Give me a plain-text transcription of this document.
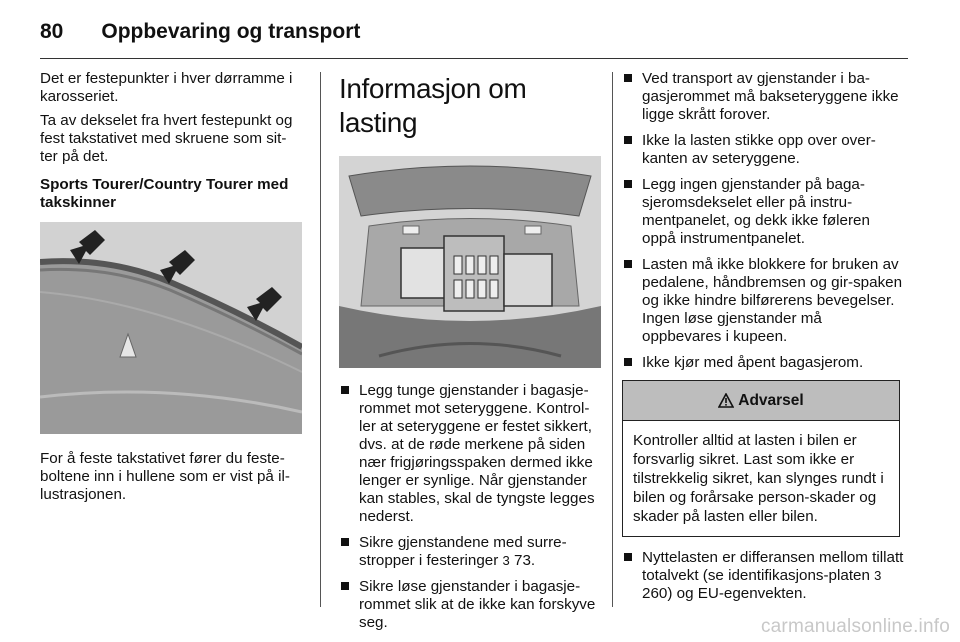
80 Oppbevaring og transport

Det er festepunkter i hver dørramme i karosseriet.

Ta av dekselet fra hvert festepunkt og fest takstativet med skruene som sit-ter på det.

Sports Tourer/Country Tourer med takskinner

For å feste takstativet fører du feste-boltene inn i hullene som er vist på il-lustrasjonen.

Informasjon om lasting
Legg tunge gjenstander i bagasje-rommet mot seteryggene. Kontrol-ler at seteryggene er festet sikkert, dvs. at de røde merkene på siden nær frigjøringsspaken dermed ikke lenger er synlige. Når gjenstander kan stables, skal de tyngste legges nederst.
Sikre gjenstandene med surre-stropper i festeringer 3 73.
Sikre løse gjenstander i bagasje-rommet slik at de ikke kan forskyve seg.
Ved transport av gjenstander i ba-gasjerommet må bakseteryggene ikke ligge skrått forover.
Ikke la lasten stikke opp over over-kanten av seteryggene.
Legg ingen gjenstander på baga-sjeromsdekselet eller på instru-mentpanelet, og dekk ikke føleren oppå instrumentpanelet.
Lasten må ikke blokkere for bruken av pedalene, håndbremsen og gir-spaken og ikke hindre bilførerens bevegelser. Ingen løse gjenstander må oppbevares i kupeen.
Ikke kjør med åpent bagasjerom.
Advarsel
Kontroller alltid at lasten i bilen er forsvarlig sikret. Last som ikke er tilstrekkelig sikret, kan slynges rundt i bilen og forårsake person-skader og skader på lasten eller bilen.
Nyttelasten er differansen mellom tillatt totalvekt (se identifikasjons-platen 3 260) og EU-egenvekten.
carmanualsonline.info
